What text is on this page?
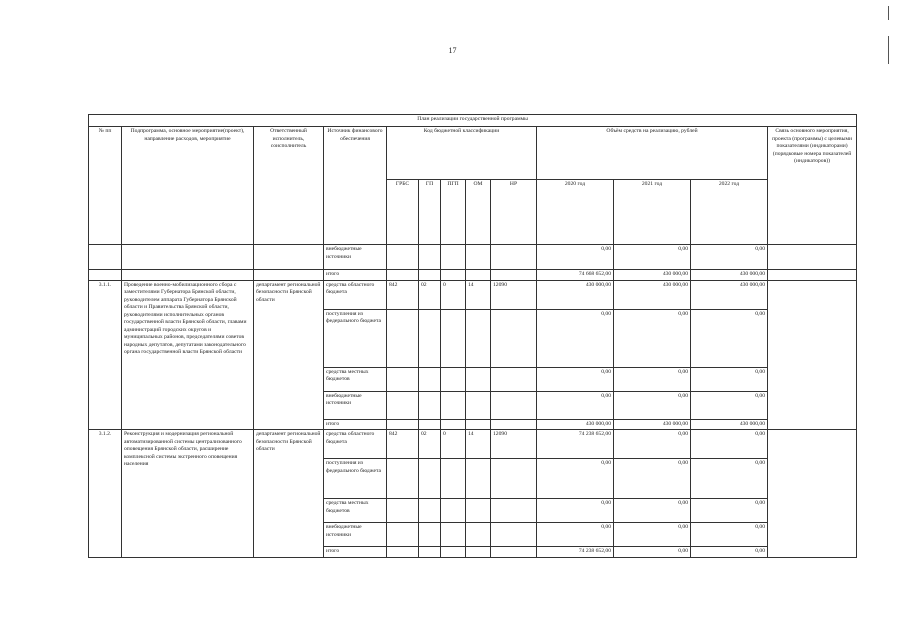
17
План реализации государственной программы												
№ пп	Подпрограмма, основное мероприятие(проект), направление расходов, мероприятие	Ответственный исполнитель, соисполнитель	Источник финансового обеспечения	Код бюджетной классификации					Объём средств на реализацию, рублей			Связь основного мероприятия, проекта (программы) с целевыми показателями (индикаторами) (порядковые номера показателей (индикаторов))
				ГРБС	ГП	ПГП	ОМ	НР	2020 год	2021 год	2022 год	
			внебюджетные источники						0,00	0,00	0,00	
			итого						74 668 652,00	430 000,00	430 000,00	
3.1.1.	Проведение военно-мобилизационного сбора с заместителями Губернатора Брянской области, руководителем аппарата Губернатора Брянской области и Правительства Брянской области, руководителями исполнительных органов государственной власти Брянской области, главами администраций городских округов и муниципальных районов, председателями советов народных депутатов, депутатами законодательного органа государственной власти Брянской области	департамент региональной безопасности Брянской области	средства областного бюджета	842	02	0	14	12090	430 000,00	430 000,00	430 000,00	
			поступления из федерального бюджета						0,00	0,00	0,00	
			средства местных бюджетов						0,00	0,00	0,00	
			внебюджетные источники						0,00	0,00	0,00	
			итого						430 000,00	430 000,00	430 000,00	
3.1.2.	Реконструкция и модернизация региональной автоматизированной системы централизованного оповещения Брянской области, расширение комплексной системы экстренного оповещения населения	департамент региональной безопасности Брянской области	средства областного бюджета	842	02	0	14	12090	74 238 652,00	0,00	0,00	
			поступления из федерального бюджета						0,00	0,00	0,00	
			средства местных бюджетов						0,00	0,00	0,00	
			внебюджетные источники						0,00	0,00	0,00	
			итого						74 238 652,00	0,00	0,00	
